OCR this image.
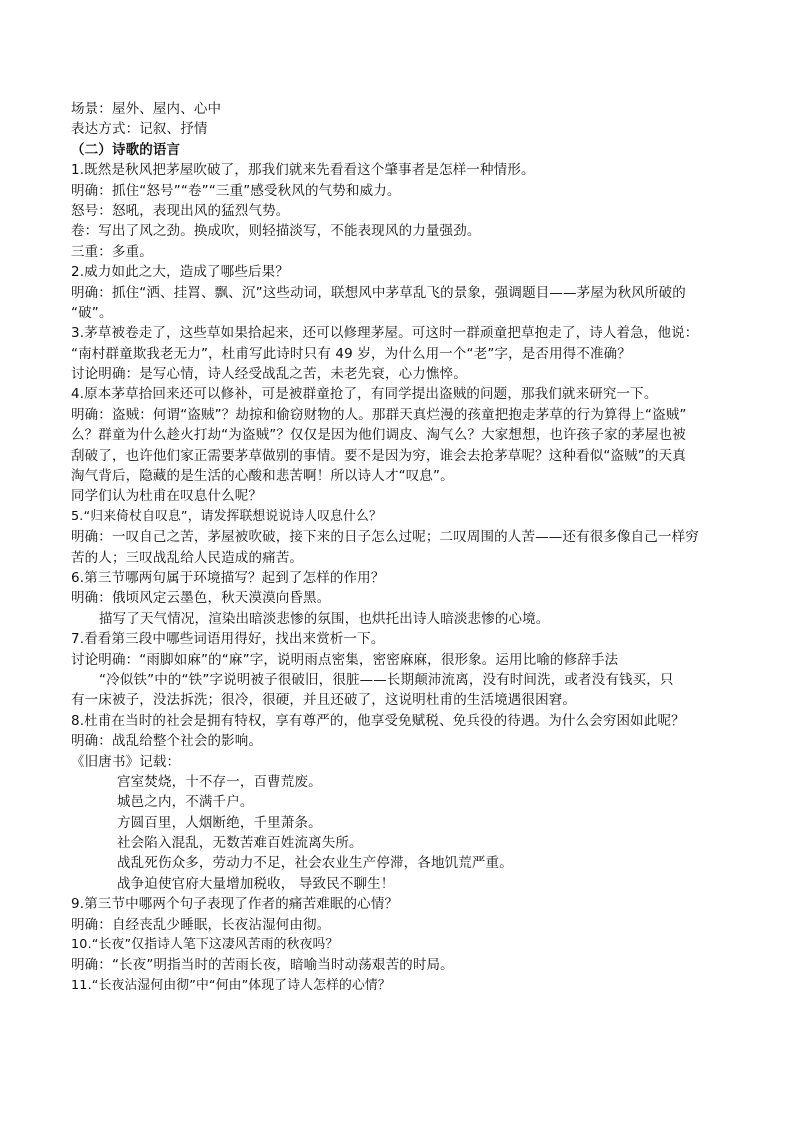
场景：屋外、屋内、心中
表达方式：记叙、抒情
（二）诗歌的语言
1.既然是秋风把茅屋吹破了，那我们就来先看看这个肇事者是怎样一种情形。
明确：抓住“怒号”“卷”“三重”感受秋风的气势和威力。
怒号：怒吼，表现出风的猛烈气势。
卷：写出了风之劲。换成吹，则轻描淡写，不能表现风的力量强劲。
三重：多重。
2.威力如此之大，造成了哪些后果？
明确：抓住“洒、挂罥、飘、沉”这些动词，联想风中茅草乱飞的景象，强调题目——茅屋为秋风所破的
“破”。
3.茅草被卷走了，这些草如果拾起来，还可以修理茅屋。可这时一群顽童把草抱走了，诗人着急，他说：
“南村群童欺我老无力”，杜甫写此诗时只有 49 岁，为什么用一个“老”字，是否用得不准确？
讨论明确：是写心情，诗人经受战乱之苦，未老先衰，心力憔悴。
4.原本茅草拾回来还可以修补，可是被群童抢了，有同学提出盗贼的问题，那我们就来研究一下。
明确：盗贼：何谓“盗贼”？劫掠和偷窃财物的人。那群天真烂漫的孩童把抱走茅草的行为算得上“盗贼”
么？群童为什么趁火打劫“为盗贼”？仅仅是因为他们调皮、淘气么？大家想想，也许孩子家的茅屋也被
刮破了，也许他们家正需要茅草做别的事情。要不是因为穷，谁会去抢茅草呢？这种看似“盗贼”的天真
淘气背后，隐藏的是生活的心酸和悲苦啊！所以诗人才“叹息”。
同学们认为杜甫在叹息什么呢？
5.“归来倚杖自叹息”，请发挥联想说说诗人叹息什么？
明确：一叹自己之苦，茅屋被吹破，接下来的日子怎么过呢；二叹周围的人苦——还有很多像自己一样穷
苦的人；三叹战乱给人民造成的痛苦。
6.第三节哪两句属于环境描写？起到了怎样的作用？
明确：俄顷风定云墨色，秋天漠漠向昏黑。
描写了天气情况，渲染出暗淡悲惨的氛围，也烘托出诗人暗淡悲惨的心境。
7.看看第三段中哪些词语用得好，找出来赏析一下。
讨论明确：“雨脚如麻”的“麻”字，说明雨点密集，密密麻麻，很形象。运用比喻的修辞手法
“冷似铁”中的“铁”字说明被子很破旧，很脏——长期颠沛流离，没有时间洗，或者没有钱买，只
有一床被子，没法拆洗；很冷，很硬，并且还破了，这说明杜甫的生活境遇很困窘。
8.杜甫在当时的社会是拥有特权，享有尊严的，他享受免赋税、免兵役的待遇。为什么会穷困如此呢？
明确：战乱给整个社会的影响。
《旧唐书》记载：
宫室焚烧，十不存一，百曹荒废。
城邑之内，不满千户。
方圆百里，人烟断绝，千里萧条。
社会陷入混乱，无数苦难百姓流离失所。
战乱死伤众多，劳动力不足，社会农业生产停滞，各地饥荒严重。
战争迫使官府大量增加税收， 导致民不聊生！
9.第三节中哪两个句子表现了作者的痛苦难眠的心情？
明确：自经丧乱少睡眠，长夜沾湿何由彻。
10.“长夜”仅指诗人笔下这凄风苦雨的秋夜吗？
明确：“长夜”明指当时的苦雨长夜，暗喻当时动荡艰苦的时局。
11.“长夜沾湿何由彻”中“何由”体现了诗人怎样的心情？
